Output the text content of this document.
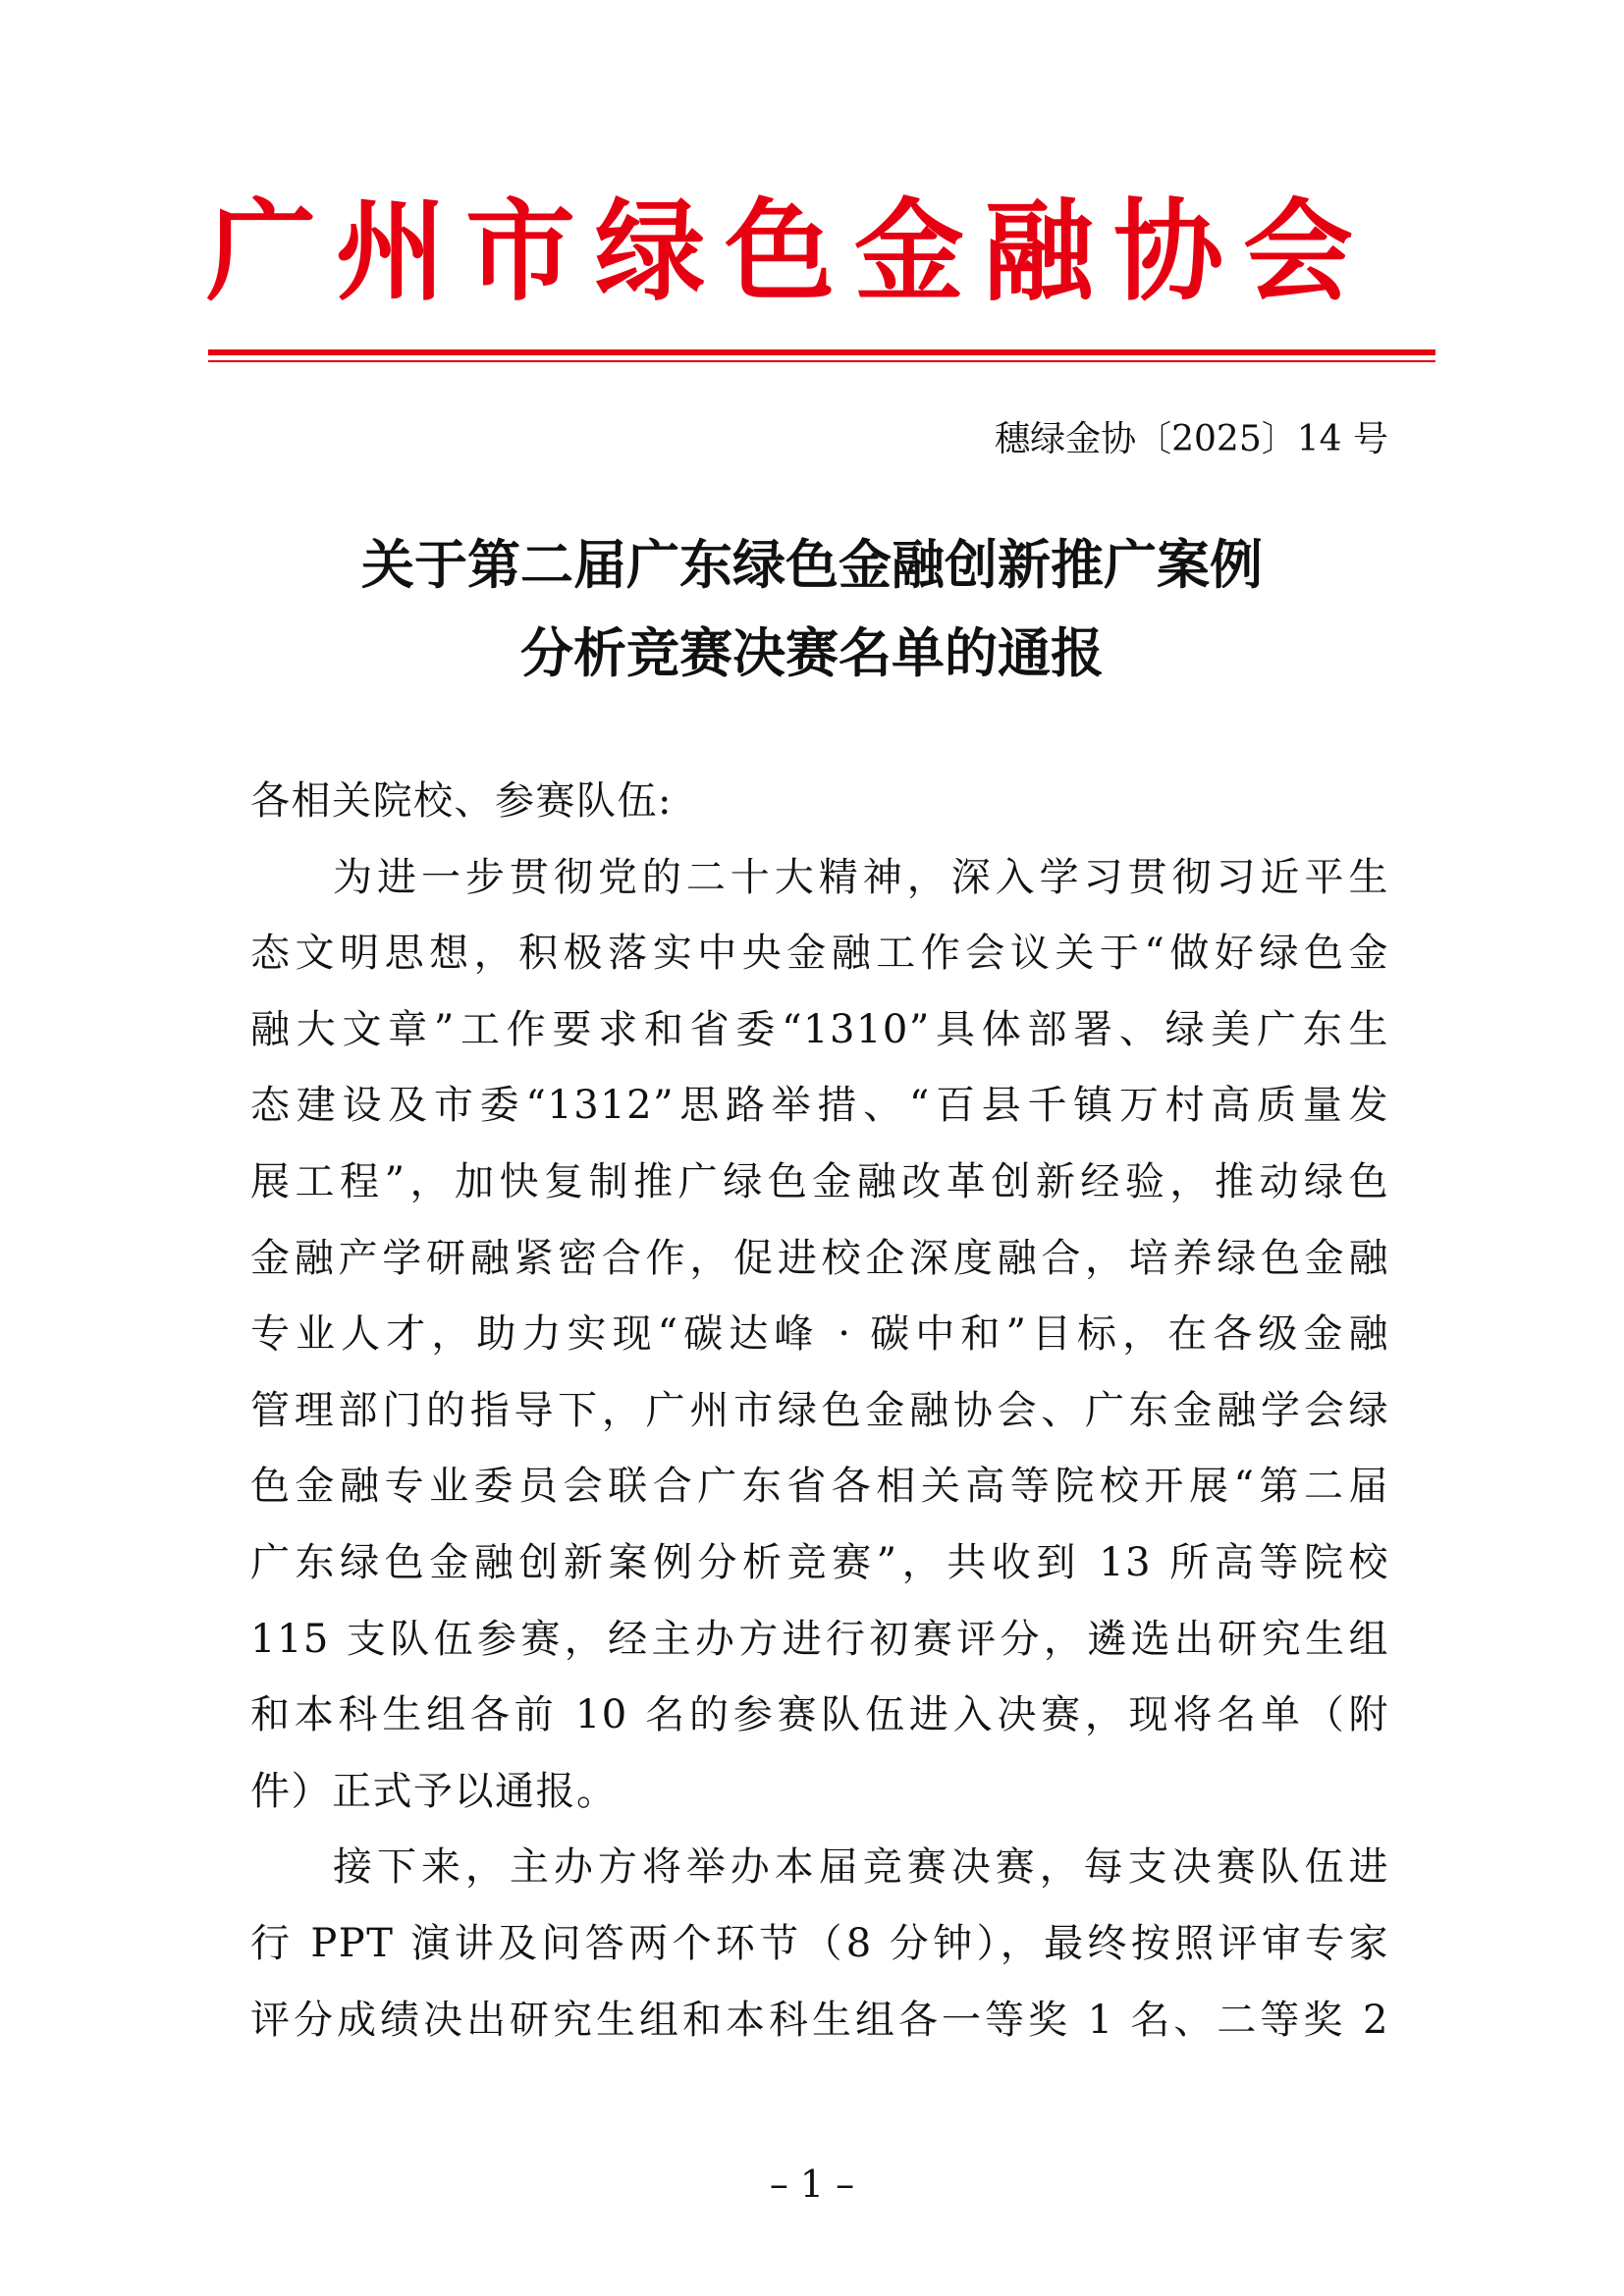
广州市绿色金融协会
穗绿金协〔2025〕14 号
关于第二届广东绿色金融创新推广案例
分析竞赛决赛名单的通报
各相关院校、参赛队伍:
为进一步贯彻党的二十大精神，深入学习贯彻习近平生
态文明思想，积极落实中央金融工作会议关于“做好绿色金
融大文章”工作要求和省委“1310”具体部署、绿美广东生
态建设及市委“1312”思路举措、“百县千镇万村高质量发
展工程”，加快复制推广绿色金融改革创新经验，推动绿色
金融产学研融紧密合作，促进校企深度融合，培养绿色金融
专业人才，助力实现“碳达峰 · 碳中和”目标，在各级金融
管理部门的指导下，广州市绿色金融协会、广东金融学会绿
色金融专业委员会联合广东省各相关高等院校开展“第二届
广东绿色金融创新案例分析竞赛”，共收到 13 所高等院校
115 支队伍参赛，经主办方进行初赛评分，遴选出研究生组
和本科生组各前 10 名的参赛队伍进入决赛，现将名单（附
件）正式予以通报。
接下来，主办方将举办本届竞赛决赛，每支决赛队伍进
行 PPT 演讲及问答两个环节（8 分钟），最终按照评审专家
评分成绩决出研究生组和本科生组各一等奖 1 名、二等奖 2
– 1 –
